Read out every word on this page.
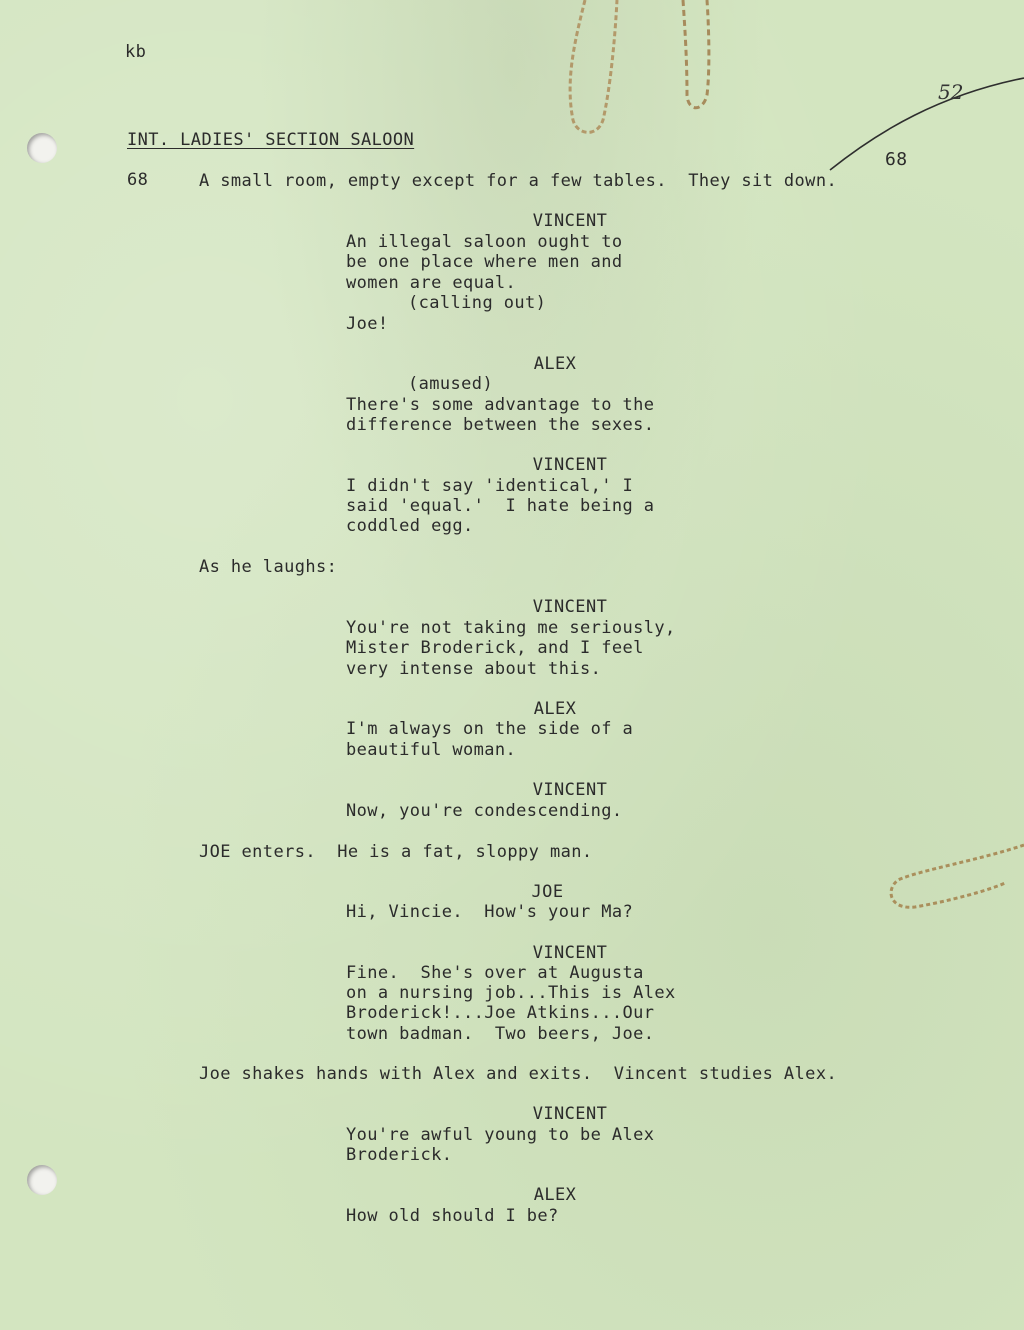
52
68
kb
INT. LADIES' SECTION SALOON
68	A small room, empty except for a few tables.  They sit down.
VINCENT
An illegal saloon ought to
be one place where men and
women are equal.
(calling out)
Joe!
ALEX
(amused)
There's some advantage to the
difference between the sexes.
VINCENT
I didn't say 'identical,' I
said 'equal.'  I hate being a
coddled egg.
As he laughs:
VINCENT
You're not taking me seriously,
Mister Broderick, and I feel
very intense about this.
ALEX
I'm always on the side of a
beautiful woman.
VINCENT
Now, you're condescending.
JOE enters.  He is a fat, sloppy man.
JOE
Hi, Vincie.  How's your Ma?
VINCENT
Fine.  She's over at Augusta
on a nursing job...This is Alex
Broderick!...Joe Atkins...Our
town badman.  Two beers, Joe.
Joe shakes hands with Alex and exits.  Vincent studies Alex.
VINCENT
You're awful young to be Alex
Broderick.
ALEX
How old should I be?
